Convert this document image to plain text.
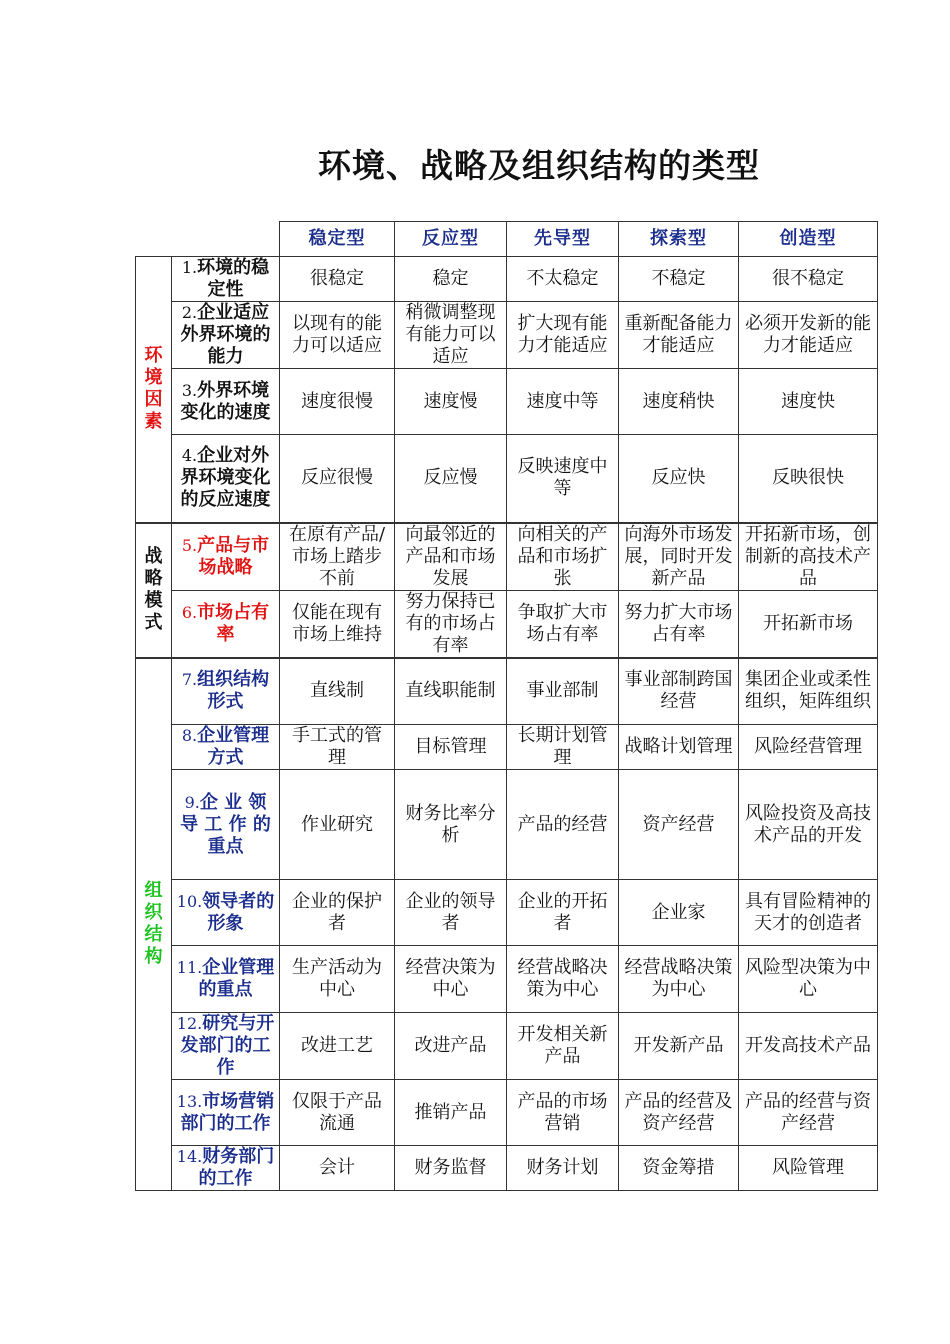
环境、战略及组织结构的类型
		稳定型	反应型	先导型	探索型	创造型

环境因素	1.环境的稳定性	很稳定	稳定	不太稳定	不稳定	很不稳定
	2.企业适应外界环境的能力	以现有的能力可以适应	稍微调整现有能力可以适应	扩大现有能力才能适应	重新配备能力才能适应	必须开发新的能力才能适应
	3.外界环境变化的速度	速度很慢	速度慢	速度中等	速度稍快	速度快
	4.企业对外界环境变化的反应速度	反应很慢	反应慢	反映速度中等	反应快	反映很快

战略模式	5.产品与市场战略	在原有产品/市场上踏步不前	向最邻近的产品和市场发展	向相关的产品和市场扩张	向海外市场发展，同时开发新产品	开拓新市场，创制新的高技术产品
	6.市场占有率	仅能在现有市场上维持	努力保持已有的市场占有率	争取扩大市场占有率	努力扩大市场占有率	开拓新市场

组织结构	7.组织结构形式	直线制	直线职能制	事业部制	事业部制跨国经营	集团企业或柔性组织，矩阵组织
	8.企业管理方式	手工式的管理	目标管理	长期计划管理	战略计划管理	风险经营管理
	9.企 业 领 导 工 作 的重点	作业研究	财务比率分析	产品的经营	资产经营	风险投资及高技术产品的开发
	10.领导者的形象	企业的保护者	企业的领导者	企业的开拓者	企业家	具有冒险精神的天才的创造者
	11.企业管理的重点	生产活动为中心	经营决策为中心	经营战略决策为中心	经营战略决策为中心	风险型决策为中心
	12.研究与开发部门的工作	改进工艺	改进产品	开发相关新产品	开发新产品	开发高技术产品
	13.市场营销部门的工作	仅限于产品流通	推销产品	产品的市场营销	产品的经营及资产经营	产品的经营与资产经营
	14.财务部门的工作	会计	财务监督	财务计划	资金筹措	风险管理
